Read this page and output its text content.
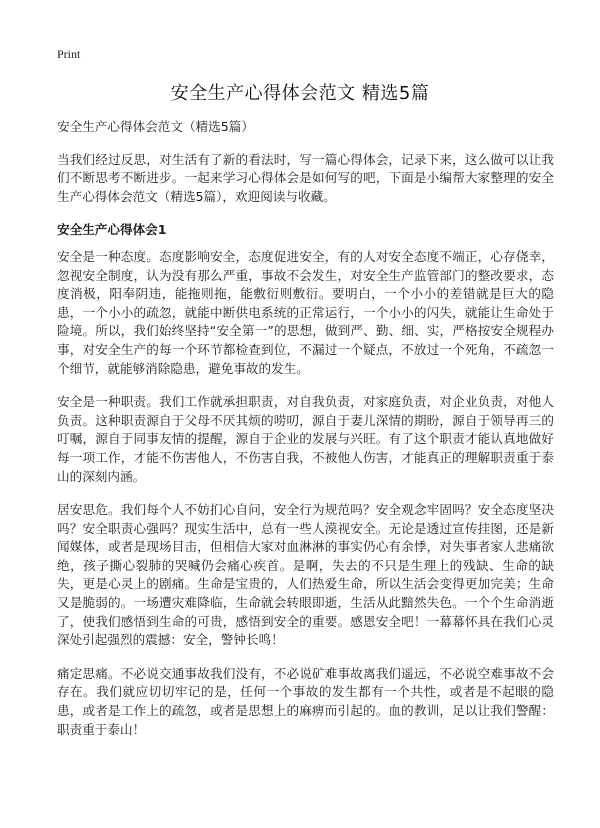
Print
安全生产心得体会范文 精选5篇

安全生产心得体会范文（精选5篇）

当我们经过反思，对生活有了新的看法时，写一篇心得体会，记录下来，这么做可以让我们不断思考不断进步。一起来学习心得体会是如何写的吧，下面是小编帮大家整理的安全生产心得体会范文（精选5篇），欢迎阅读与收藏。

安全生产心得体会1

安全是一种态度。态度影响安全，态度促进安全，有的人对安全态度不端正，心存侥幸，忽视安全制度，认为没有那么严重，事故不会发生，对安全生产监管部门的整改要求，态度消极，阳奉阴违，能拖则拖，能敷衍则敷衍。要明白，一个小小的差错就是巨大的隐患，一个小小的疏忽，就能中断供电系统的正常运行，一个小小的闪失，就能让生命处于险境。所以，我们始终坚持“安全第一”的思想，做到严、勤、细、实，严格按安全规程办事，对安全生产的每一个环节都检查到位，不漏过一个疑点，不放过一个死角，不疏忽一个细节，就能够消除隐患，避免事故的发生。

安全是一种职责。我们工作就承担职责，对自我负责，对家庭负责，对企业负责，对他人负责。这种职责源自于父母不厌其烦的唠叨，源自于妻儿深情的期盼，源自于领导再三的叮嘱，源自于同事友情的提醒，源自于企业的发展与兴旺。有了这个职责才能认真地做好每一项工作，才能不伤害他人，不伤害自我，不被他人伤害，才能真正的理解职责重于泰山的深刻内涵。

居安思危。我们每个人不妨扪心自问，安全行为规范吗？安全观念牢固吗？安全态度坚决吗？安全职责心强吗？现实生活中，总有一些人漠视安全。无论是透过宣传挂图，还是新闻媒体，或者是现场目击，但相信大家对血淋淋的事实仍心有余悸，对失事者家人悲痛欲绝，孩子撕心裂肺的哭喊仍会痛心疾首。是啊，失去的不只是生理上的残缺、生命的缺失，更是心灵上的剧痛。生命是宝贵的，人们热爱生命，所以生活会变得更加完美；生命又是脆弱的。一场遭灾难降临，生命就会转眼即逝，生活从此黯然失色。一个个生命消逝了，使我们感悟到生命的可贵，感悟到安全的重要。感恩安全吧！一幕幕怀具在我们心灵深处引起强烈的震撼：安全，警钟长鸣！

痛定思痛。不必说交通事故我们没有，不必说矿难事故离我们遥远，不必说空难事故不会存在。我们就应切切牢记的是，任何一个事故的发生都有一个共性，或者是不起眼的隐患，或者是工作上的疏忽，或者是思想上的麻痹而引起的。血的教训，足以让我们警醒：职责重于泰山！
